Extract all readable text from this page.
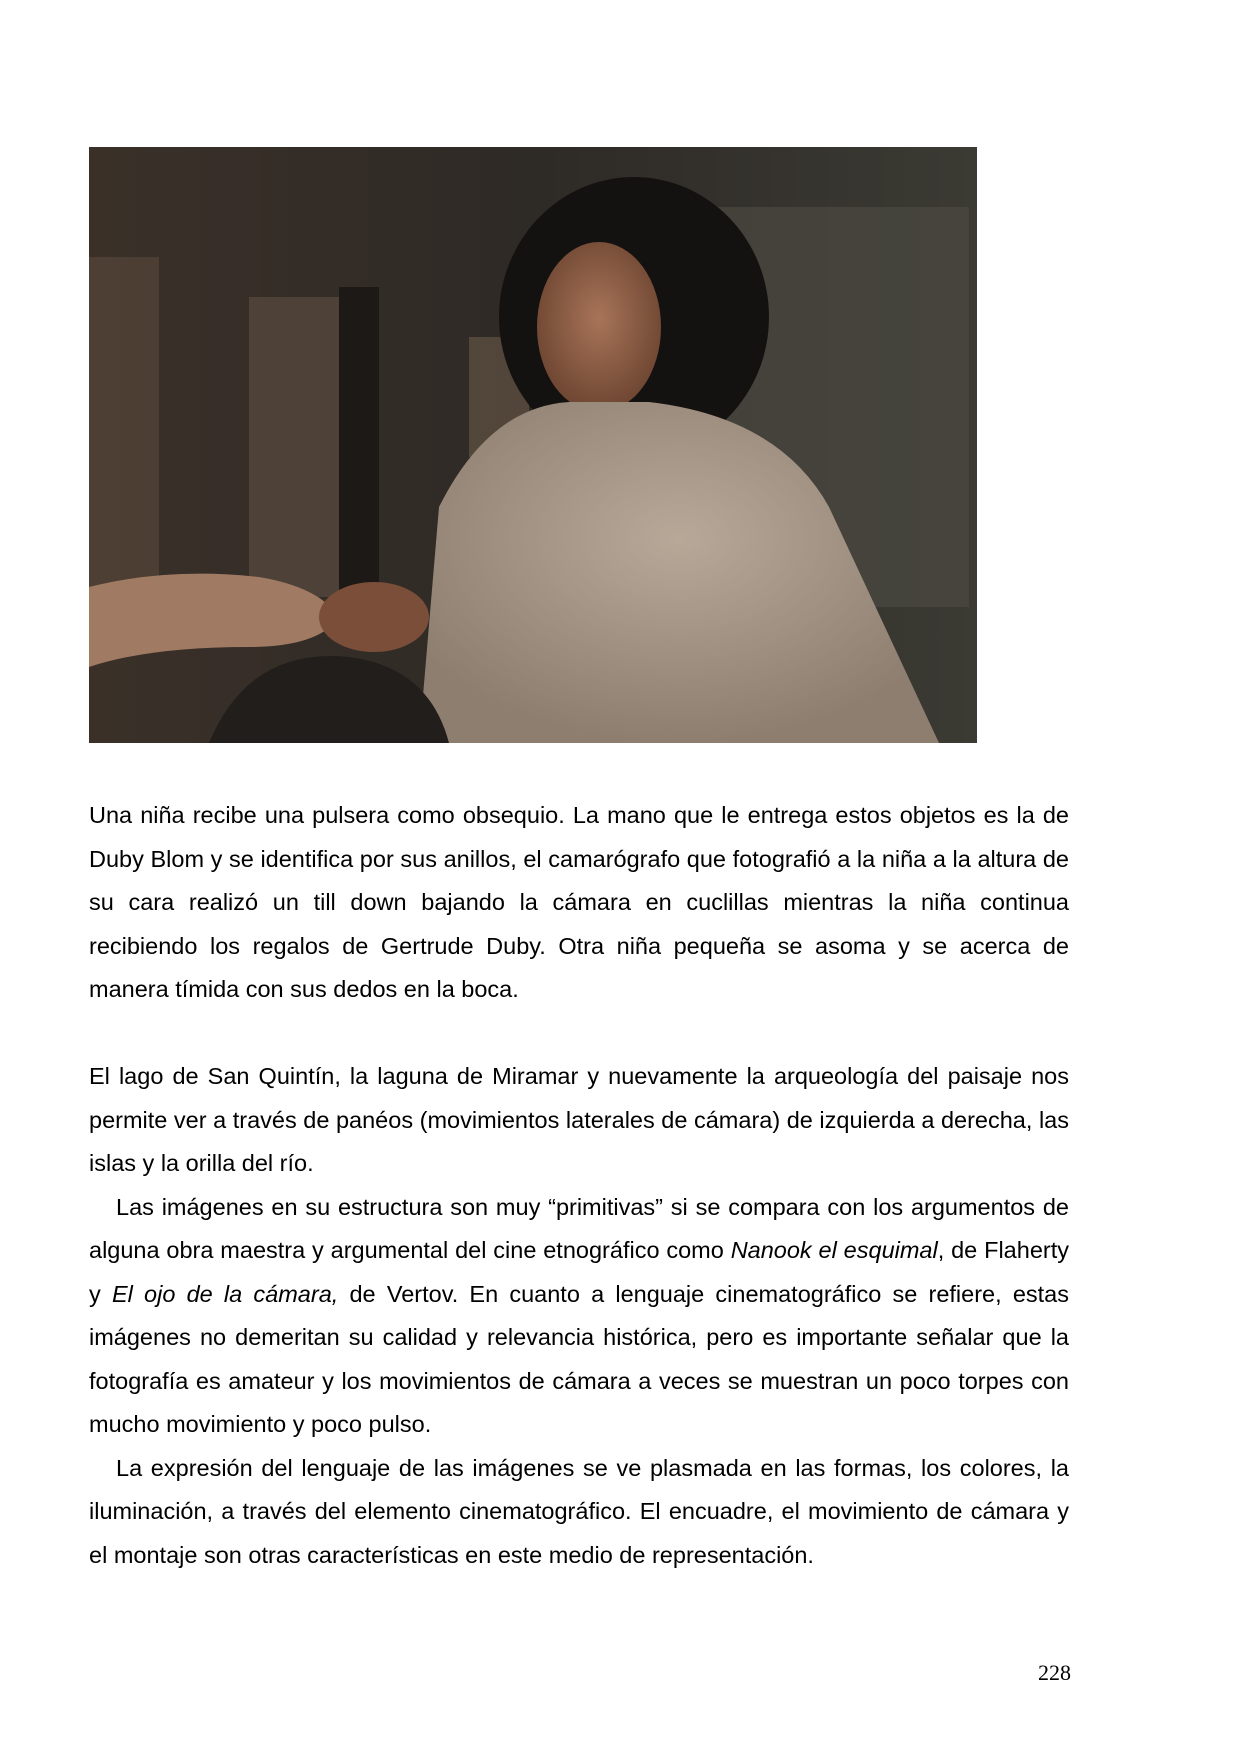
Una niña recibe una pulsera como obsequio. La mano que le entrega estos objetos es la de Duby Blom y se identifica por sus anillos, el camarógrafo que fotografió a la niña a la altura de su cara realizó un till down bajando la cámara en cuclillas mientras la niña continua recibiendo los regalos de Gertrude Duby. Otra niña pequeña se asoma y se acerca de manera tímida con sus dedos en la boca.

El lago de San Quintín, la laguna de Miramar y nuevamente la arqueología del paisaje nos permite ver a través de panéos (movimientos laterales de cámara) de izquierda a derecha, las islas y la orilla del río.

Las imágenes en su estructura son muy “primitivas” si se compara con los argumentos de alguna obra maestra y argumental del cine etnográfico como Nanook el esquimal, de Flaherty y El ojo de la cámara, de Vertov. En cuanto a lenguaje cinematográfico se refiere, estas imágenes no demeritan su calidad y relevancia histórica, pero es importante señalar que la fotografía es amateur y los movimientos de cámara a veces se muestran un poco torpes con mucho movimiento y poco pulso.

La expresión del lenguaje de las imágenes se ve plasmada en las formas, los colores, la iluminación, a través del elemento cinematográfico. El encuadre, el movimiento de cámara y el montaje son otras características en este medio de representación.

228
